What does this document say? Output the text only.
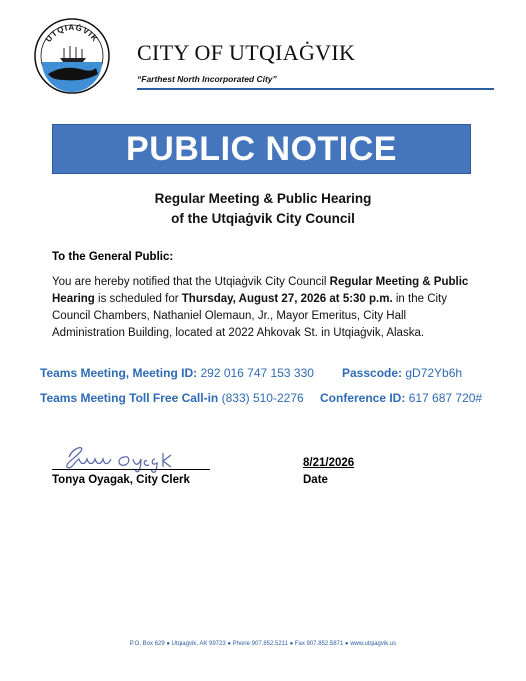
UTQIAĠVIK
CITY OF UTQIAĠVIK
“Farthest North Incorporated City”
PUBLIC NOTICE
Regular Meeting & Public Hearing
of the Utqiaġvik City Council
To the General Public:
You are hereby notified that the Utqiaġvik City Council Regular Meeting & Public Hearing is scheduled for Thursday, August 27, 2026 at 5:30 p.m. in the City Council Chambers, Nathaniel Olemaun, Jr., Mayor Emeritus, City Hall Administration Building, located at 2022 Ahkovak St. in Utqiaġvik, Alaska.
Teams Meeting, Meeting ID: 292 016 747 153 330 Passcode: gD72Yb6h
Teams Meeting Toll Free Call-in (833) 510-2276 Conference ID: 617 687 720#
Tonya Oyagak, City Clerk
8/21/2026
Date
P.O. Box 629 ● Utqiaġvik, AK 99723 ● Phone 907.852.5211 ● Fax 907.852.5871 ● www.utqiagvik.us
